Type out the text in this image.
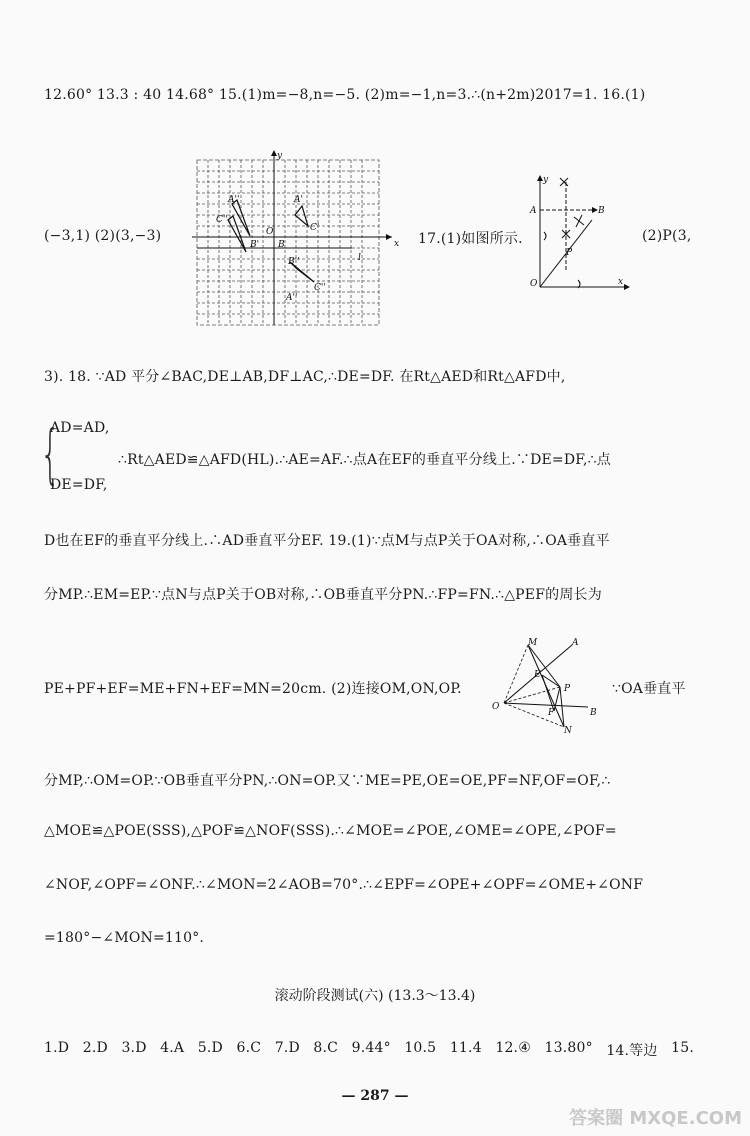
12.60° 13.3 : 40 14.68° 15.(1)m=−8,n=−5. (2)m=−1,n=3.∴(n+2m)2017=1. 16.(1)
y
x
O
A''
C''
B'
A'
C'
B
B''
C''
A''
l
(−3,1) (2)(3,−3)	17.(1)如图所示.	(2)P(3,
y
x
O
A	B
P
3). 18. ∵AD 平分∠BAC,DE⊥AB,DF⊥AC,∴DE=DF. 在Rt△AED和Rt△AFD中,
{
AD=AD,
∴Rt△AED≌△AFD(HL).∴AE=AF.∴点A在EF的垂直平分线上.∵DE=DF,∴点
DE=DF,
D也在EF的垂直平分线上.∴AD垂直平分EF. 19.(1)∵点M与点P关于OA对称,∴OA垂直平
分MP.∴EM=EP.∵点N与点P关于OB对称,∴OB垂直平分PN.∴FP=FN.∴△PEF的周长为
M	A
E
P
O
F	B
N
PE+PF+EF=ME+FN+EF=MN=20cm. (2)连接OM,ON,OP.	∵OA垂直平
分MP,∴OM=OP.∵OB垂直平分PN,∴ON=OP.又∵ME=PE,OE=OE,PF=NF,OF=OF,∴
△MOE≌△POE(SSS),△POF≌△NOF(SSS).∴∠MOE=∠POE,∠OME=∠OPE,∠POF=
∠NOF,∠OPF=∠ONF.∴∠MON=2∠AOB=70°.∴∠EPF=∠OPE+∠OPF=∠OME+∠ONF
=180°−∠MON=110°.
滚动阶段测试(六) (13.3～13.4)
1.D 2.D 3.D 4.A 5.D 6.C 7.D 8.C 9.44° 10.5 11.4 12.④ 13.80° 14.等边 15.
— 287 —
答案圈 MXQE.COM
